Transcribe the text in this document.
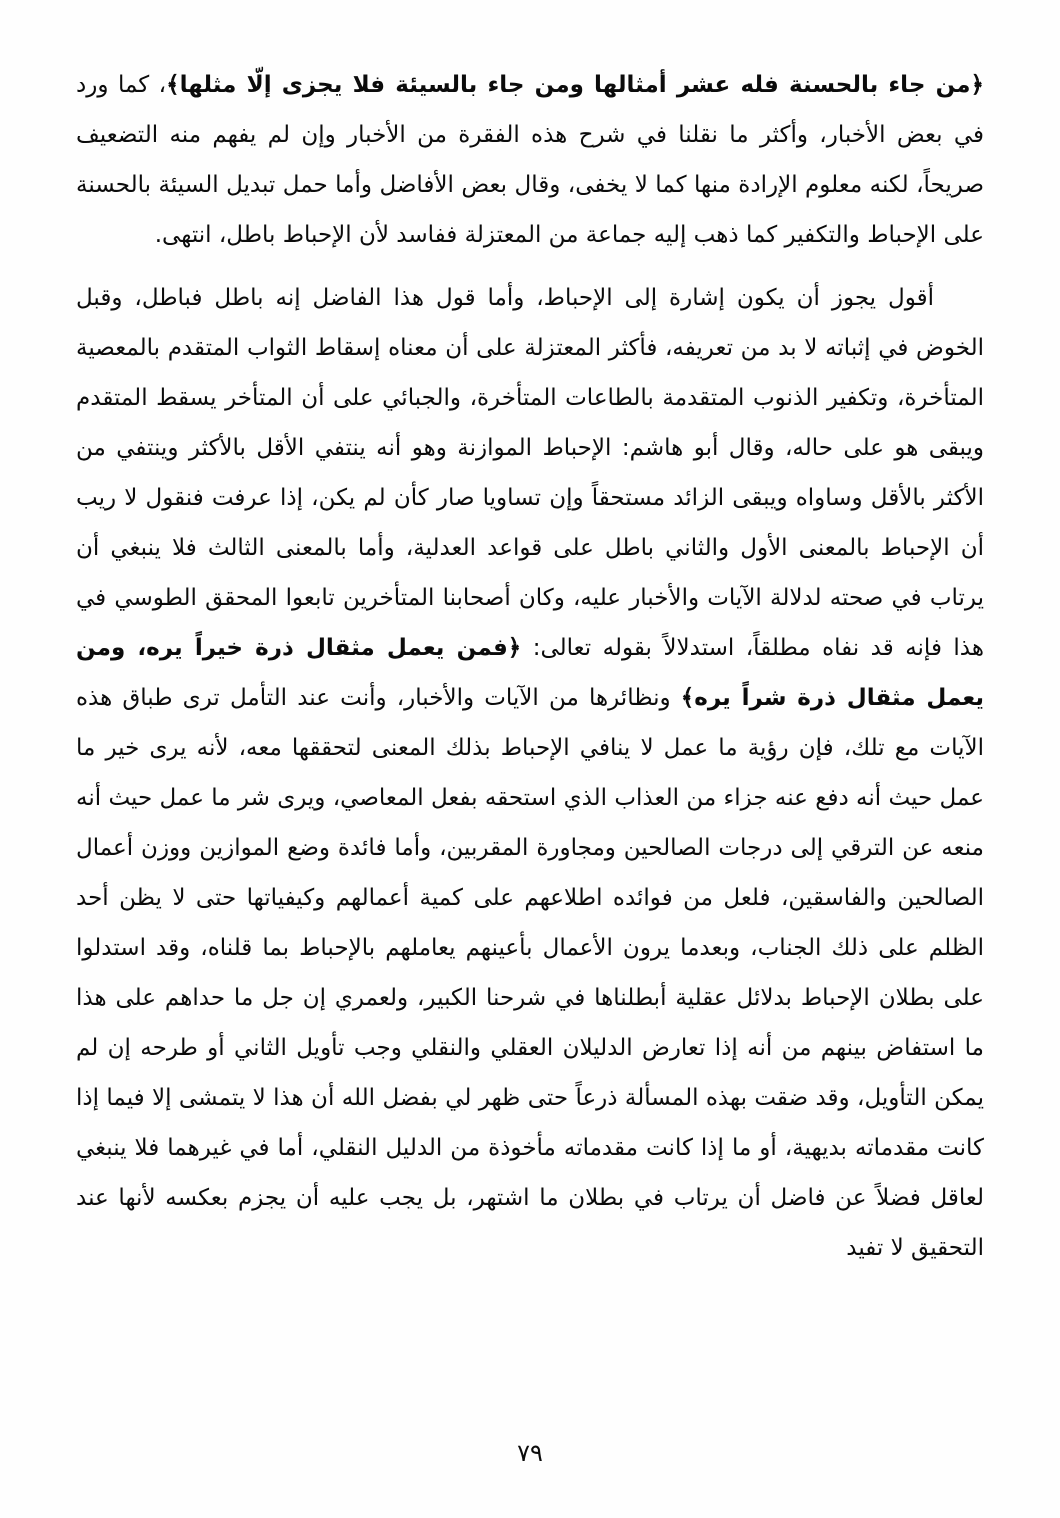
﴿من جاء بالحسنة فله عشر أمثالها ومن جاء بالسيئة فلا يجزى إلّا مثلها﴾، كما ورد في بعض الأخبار، وأكثر ما نقلنا في شرح هذه الفقرة من الأخبار وإن لم يفهم منه التضعيف صريحاً، لكنه معلوم الإرادة منها كما لا يخفى، وقال بعض الأفاضل وأما حمل تبديل السيئة بالحسنة على الإحباط والتكفير كما ذهب إليه جماعة من المعتزلة ففاسد لأن الإحباط باطل، انتهى.

أقول يجوز أن يكون إشارة إلى الإحباط، وأما قول هذا الفاضل إنه باطل فباطل، وقبل الخوض في إثباته لا بد من تعريفه، فأكثر المعتزلة على أن معناه إسقاط الثواب المتقدم بالمعصية المتأخرة، وتكفير الذنوب المتقدمة بالطاعات المتأخرة، والجبائي على أن المتأخر يسقط المتقدم ويبقى هو على حاله، وقال أبو هاشم: الإحباط الموازنة وهو أنه ينتفي الأقل بالأكثر وينتفي من الأكثر بالأقل وساواه ويبقى الزائد مستحقاً وإن تساويا صار كأن لم يكن، إذا عرفت فنقول لا ريب أن الإحباط بالمعنى الأول والثاني باطل على قواعد العدلية، وأما بالمعنى الثالث فلا ينبغي أن يرتاب في صحته لدلالة الآيات والأخبار عليه، وكان أصحابنا المتأخرين تابعوا المحقق الطوسي في هذا فإنه قد نفاه مطلقاً، استدلالاً بقوله تعالى: ﴿فمن يعمل مثقال ذرة خيراً يره، ومن يعمل مثقال ذرة شراً يره﴾ ونظائرها من الآيات والأخبار، وأنت عند التأمل ترى طباق هذه الآيات مع تلك، فإن رؤية ما عمل لا ينافي الإحباط بذلك المعنى لتحققها معه، لأنه يرى خير ما عمل حيث أنه دفع عنه جزاء من العذاب الذي استحقه بفعل المعاصي، ويرى شر ما عمل حيث أنه منعه عن الترقي إلى درجات الصالحين ومجاورة المقربين، وأما فائدة وضع الموازين ووزن أعمال الصالحين والفاسقين، فلعل من فوائده اطلاعهم على كمية أعمالهم وكيفياتها حتى لا يظن أحد الظلم على ذلك الجناب، وبعدما يرون الأعمال بأعينهم يعاملهم بالإحباط بما قلناه، وقد استدلوا على بطلان الإحباط بدلائل عقلية أبطلناها في شرحنا الكبير، ولعمري إن جل ما حداهم على هذا ما استفاض بينهم من أنه إذا تعارض الدليلان العقلي والنقلي وجب تأويل الثاني أو طرحه إن لم يمكن التأويل، وقد ضقت بهذه المسألة ذرعاً حتى ظهر لي بفضل الله أن هذا لا يتمشى إلا فيما إذا كانت مقدماته بديهية، أو ما إذا كانت مقدماته مأخوذة من الدليل النقلي، أما في غيرهما فلا ينبغي لعاقل فضلاً عن فاضل أن يرتاب في بطلان ما اشتهر، بل يجب عليه أن يجزم بعكسه لأنها عند التحقيق لا تفيد

٧٩
